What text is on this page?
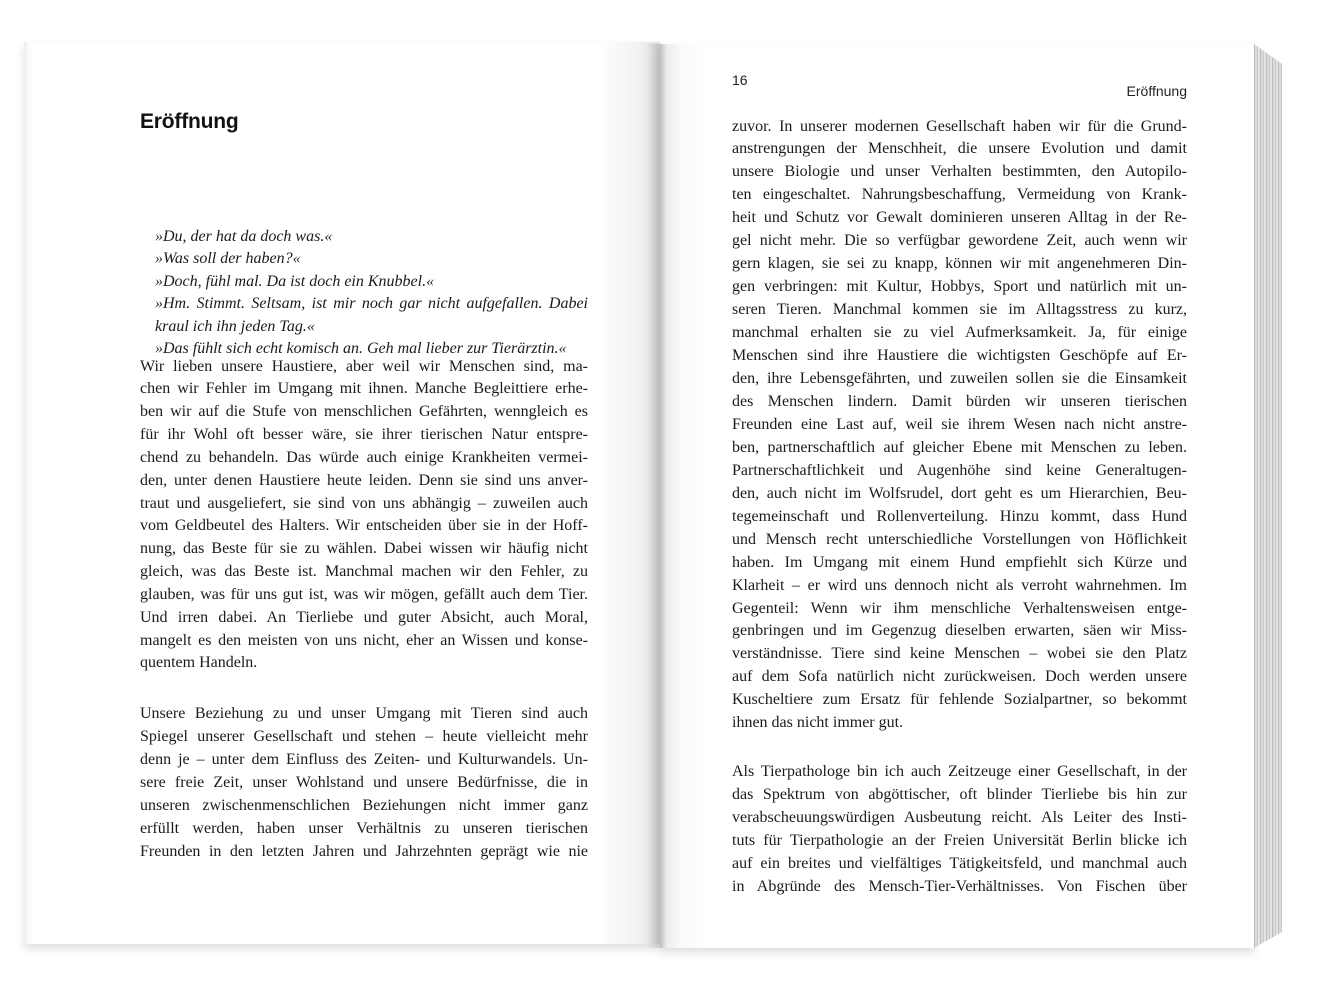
Eröffnung
»Du, der hat da doch was.«
»Was soll der haben?«
»Doch, fühl mal. Da ist doch ein Knubbel.«
»Hm. Stimmt. Seltsam, ist mir noch gar nicht aufgefallen. Dabei
kraul ich ihn jeden Tag.«
»Das fühlt sich echt komisch an. Geh mal lieber zur Tierärztin.«
Wir lieben unsere Haustiere, aber weil wir Menschen sind, ma-
chen wir Fehler im Umgang mit ihnen. Manche Begleittiere erhe-
ben wir auf die Stufe von menschlichen Gefährten, wenngleich es
für ihr Wohl oft besser wäre, sie ihrer tierischen Natur entspre-
chend zu behandeln. Das würde auch einige Krankheiten vermei-
den, unter denen Haustiere heute leiden. Denn sie sind uns anver-
traut und ausgeliefert, sie sind von uns abhängig – zuweilen auch
vom Geldbeutel des Halters. Wir entscheiden über sie in der Hoff-
nung, das Beste für sie zu wählen. Dabei wissen wir häufig nicht
gleich, was das Beste ist. Manchmal machen wir den Fehler, zu
glauben, was für uns gut ist, was wir mögen, gefällt auch dem Tier.
Und irren dabei. An Tierliebe und guter Absicht, auch Moral,
mangelt es den meisten von uns nicht, eher an Wissen und konse-
quentem Handeln.
Unsere Beziehung zu und unser Umgang mit Tieren sind auch
Spiegel unserer Gesellschaft und stehen – heute vielleicht mehr
denn je – unter dem Einfluss des Zeiten- und Kulturwandels. Un-
sere freie Zeit, unser Wohlstand und unsere Bedürfnisse, die in
unseren zwischenmenschlichen Beziehungen nicht immer ganz
erfüllt werden, haben unser Verhältnis zu unseren tierischen
Freunden in den letzten Jahren und Jahrzehnten geprägt wie nie
16
Eröffnung
zuvor. In unserer modernen Gesellschaft haben wir für die Grund-
anstrengungen der Menschheit, die unsere Evolution und damit
unsere Biologie und unser Verhalten bestimmten, den Autopilo-
ten eingeschaltet. Nahrungsbeschaffung, Vermeidung von Krank-
heit und Schutz vor Gewalt dominieren unseren Alltag in der Re-
gel nicht mehr. Die so verfügbar gewordene Zeit, auch wenn wir
gern klagen, sie sei zu knapp, können wir mit angenehmeren Din-
gen verbringen: mit Kultur, Hobbys, Sport und natürlich mit un-
seren Tieren. Manchmal kommen sie im Alltagsstress zu kurz,
manchmal erhalten sie zu viel Aufmerksamkeit. Ja, für einige
Menschen sind ihre Haustiere die wichtigsten Geschöpfe auf Er-
den, ihre Lebensgefährten, und zuweilen sollen sie die Einsamkeit
des Menschen lindern. Damit bürden wir unseren tierischen
Freunden eine Last auf, weil sie ihrem Wesen nach nicht anstre-
ben, partnerschaftlich auf gleicher Ebene mit Menschen zu leben.
Partnerschaftlichkeit und Augenhöhe sind keine Generaltugen-
den, auch nicht im Wolfsrudel, dort geht es um Hierarchien, Beu-
tegemeinschaft und Rollenverteilung. Hinzu kommt, dass Hund
und Mensch recht unterschiedliche Vorstellungen von Höflichkeit
haben. Im Umgang mit einem Hund empfiehlt sich Kürze und
Klarheit – er wird uns dennoch nicht als verroht wahrnehmen. Im
Gegenteil: Wenn wir ihm menschliche Verhaltensweisen entge-
genbringen und im Gegenzug dieselben erwarten, säen wir Miss-
verständnisse. Tiere sind keine Menschen – wobei sie den Platz
auf dem Sofa natürlich nicht zurückweisen. Doch werden unsere
Kuscheltiere zum Ersatz für fehlende Sozialpartner, so bekommt
ihnen das nicht immer gut.
Als Tierpathologe bin ich auch Zeitzeuge einer Gesellschaft, in der
das Spektrum von abgöttischer, oft blinder Tierliebe bis hin zur
verabscheuungswürdigen Ausbeutung reicht. Als Leiter des Insti-
tuts für Tierpathologie an der Freien Universität Berlin blicke ich
auf ein breites und vielfältiges Tätigkeitsfeld, und manchmal auch
in Abgründe des Mensch-Tier-Verhältnisses. Von Fischen über
